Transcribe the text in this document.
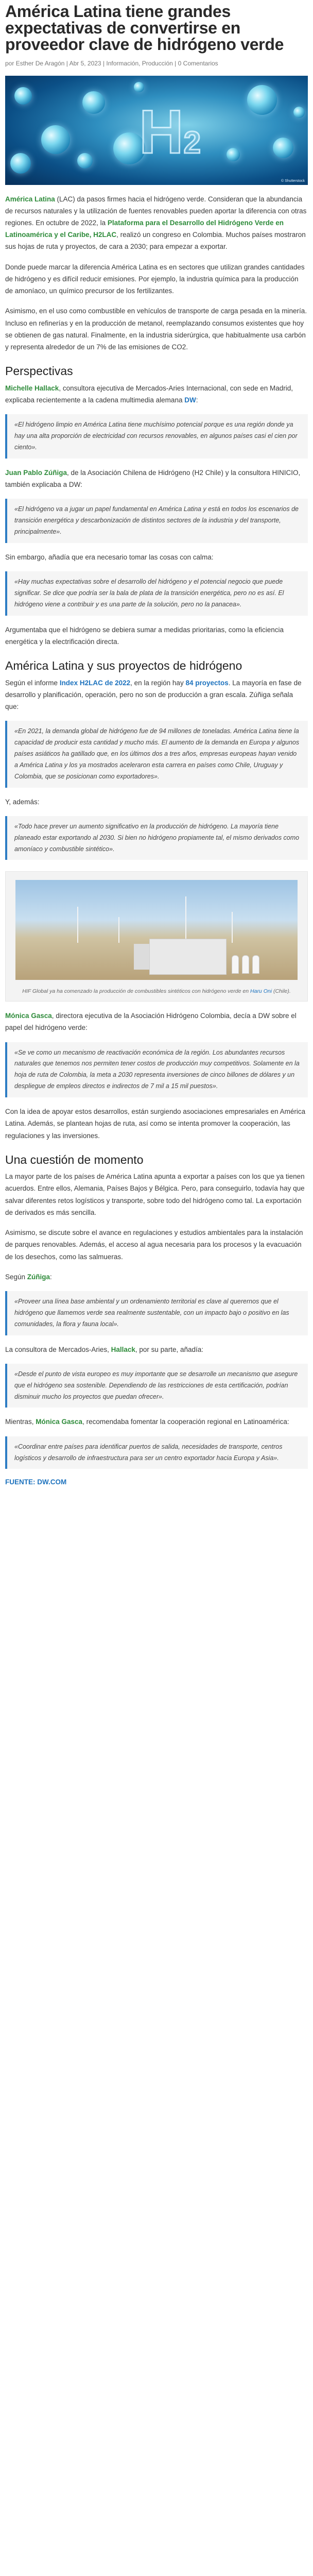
América Latina tiene grandes expectativas de convertirse en proveedor clave de hidrógeno verde
por Esther De Aragón | Abr 5, 2023 | Información, Producción | 0 Comentarios
H2
© Shutterstock

América Latina (LAC) da pasos firmes hacia el hidrógeno verde. Consideran que la abundancia de recursos naturales y la utilización de fuentes renovables pueden aportar la diferencia con otras regiones. En octubre de 2022, la Plataforma para el Desarrollo del Hidrógeno Verde en Latinoamérica y el Caribe, H2LAC, realizó un congreso en Colombia. Muchos países mostraron sus hojas de ruta y proyectos, de cara a 2030; para empezar a exportar.

Donde puede marcar la diferencia América Latina es en sectores que utilizan grandes cantidades de hidrógeno y es difícil reducir emisiones. Por ejemplo, la industria química para la producción de amoníaco, un químico precursor de los fertilizantes.

Asimismo, en el uso como combustible en vehículos de transporte de carga pesada en la minería. Incluso en refinerías y en la producción de metanol, reemplazando consumos existentes que hoy se obtienen de gas natural. Finalmente, en la industria siderúrgica, que habitualmente usa carbón y representa alrededor de un 7% de las emisiones de CO2.

Perspectivas

Michelle Hallack, consultora ejecutiva de Mercados-Aries Internacional, con sede en Madrid, explicaba recientemente a la cadena multimedia alemana DW:

«El hidrógeno limpio en América Latina tiene muchísimo potencial porque es una región donde ya hay una alta proporción de electricidad con recursos renovables, en algunos países casi el cien por ciento».

Juan Pablo Zúñiga, de la Asociación Chilena de Hidrógeno (H2 Chile) y la consultora HINICIO, también explicaba a DW:

«El hidrógeno va a jugar un papel fundamental en América Latina y está en todos los escenarios de transición energética y descarbonización de distintos sectores de la industria y del transporte, principalmente».

Sin embargo, añadía que era necesario tomar las cosas con calma:

«Hay muchas expectativas sobre el desarrollo del hidrógeno y el potencial negocio que puede significar. Se dice que podría ser la bala de plata de la transición energética, pero no es así. El hidrógeno viene a contribuir y es una parte de la solución, pero no la panacea».

Argumentaba que el hidrógeno se debiera sumar a medidas prioritarias, como la eficiencia energética y la electrificación directa.

América Latina y sus proyectos de hidrógeno

Según el informe Index H2LAC de 2022, en la región hay 84 proyectos. La mayoría en fase de desarrollo y planificación, operación, pero no son de producción a gran escala. Zúñiga señala que:

«En 2021, la demanda global de hidrógeno fue de 94 millones de toneladas. América Latina tiene la capacidad de producir esta cantidad y mucho más. El aumento de la demanda en Europa y algunos países asiáticos ha gatillado que, en los últimos dos a tres años, empresas europeas hayan venido a América Latina y los ya mostrados aceleraron esta carrera en países como Chile, Uruguay y Colombia, que se posicionan como exportadores».

Y, además:

«Todo hace prever un aumento significativo en la producción de hidrógeno. La mayoría tiene planeado estar exportando al 2030. Si bien no hidrógeno propiamente tal, el mismo derivados como amoníaco y combustible sintético».

HIF Global ya ha comenzado la producción de combustibles sintéticos con hidrógeno verde en Haru Oni (Chile).

Mónica Gasca, directora ejecutiva de la Asociación Hidrógeno Colombia, decía a DW sobre el papel del hidrógeno verde:

«Se ve como un mecanismo de reactivación económica de la región. Los abundantes recursos naturales que tenemos nos permiten tener costos de producción muy competitivos. Solamente en la hoja de ruta de Colombia, la meta a 2030 representa inversiones de cinco billones de dólares y un despliegue de empleos directos e indirectos de 7 mil a 15 mil puestos».

Con la idea de apoyar estos desarrollos, están surgiendo asociaciones empresariales en América Latina. Además, se plantean hojas de ruta, así como se intenta promover la cooperación, las regulaciones y las inversiones.

Una cuestión de momento

La mayor parte de los países de América Latina apunta a exportar a países con los que ya tienen acuerdos. Entre ellos, Alemania, Países Bajos y Bélgica. Pero, para conseguirlo, todavía hay que salvar diferentes retos logísticos y transporte, sobre todo del hidrógeno como tal. La exportación de derivados es más sencilla.

Asimismo, se discute sobre el avance en regulaciones y estudios ambientales para la instalación de parques renovables. Además, el acceso al agua necesaria para los procesos y la evacuación de los desechos, como las salmueras.

Según Zúñiga:

«Proveer una línea base ambiental y un ordenamiento territorial es clave al querernos que el hidrógeno que llamemos verde sea realmente sustentable, con un impacto bajo o positivo en las comunidades, la flora y fauna local».

La consultora de Mercados-Aries, Hallack, por su parte, añadía:

«Desde el punto de vista europeo es muy importante que se desarrolle un mecanismo que asegure que el hidrógeno sea sostenible. Dependiendo de las restricciones de esta certificación, podrían disminuir mucho los proyectos que puedan ofrecer».

Mientras, Mónica Gasca, recomendaba fomentar la cooperación regional en Latinoamérica:

«Coordinar entre países para identificar puertos de salida, necesidades de transporte, centros logísticos y desarrollo de infraestructura para ser un centro exportador hacia Europa y Asia».

FUENTE: DW.COM
